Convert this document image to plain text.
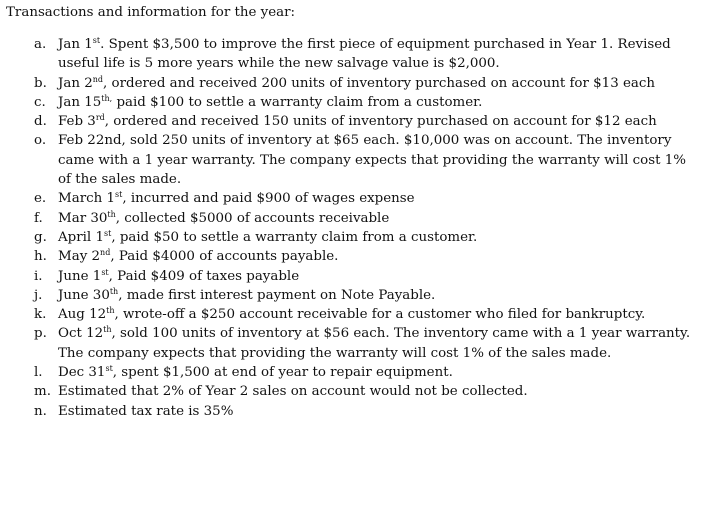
Transactions and information for the year:

a. Jan 1st. Spent $3,500 to improve the first piece of equipment purchased in Year 1. Revised useful life is 5 more years while the new salvage value is $2,000.
b. Jan 2nd, ordered and received 200 units of inventory purchased on account for $13 each
c. Jan $15^{th,}$ paid $100 to settle a warranty claim from a customer.
d. Feb 3rd, ordered and received 150 units of inventory purchased on account for $12 each
o. Feb 22nd, sold 250 units of inventory at $65 each. $10,000 was on account. The inventory came with a 1 year warranty. The company expects that providing the warranty will cost 1% of the sales made.
e. March 1st, incurred and paid $900 of wages expense
f.	Mar 30th, collected $5000 of accounts receivable
g. April 1st, paid $50 to settle a warranty claim from a customer.
h. May 2nd, Paid $4000 of accounts payable.
i.	June 1st, Paid $409 of taxes payable
j.	June 30th, made first interest payment on Note Payable.
k. Aug 12th, wrote-off a $250 account receivable for a customer who filed for bankruptcy.
p. Oct 12th, sold 100 units of inventory at $56 each. The inventory came with a 1 year warranty. The company expects that providing the warranty will cost 1% of the sales made.
l.	Dec 31st, spent $1,500 at end of year to repair equipment.
m. Estimated that 2% of Year 2 sales on account would not be collected.
n. Estimated tax rate is 35%
